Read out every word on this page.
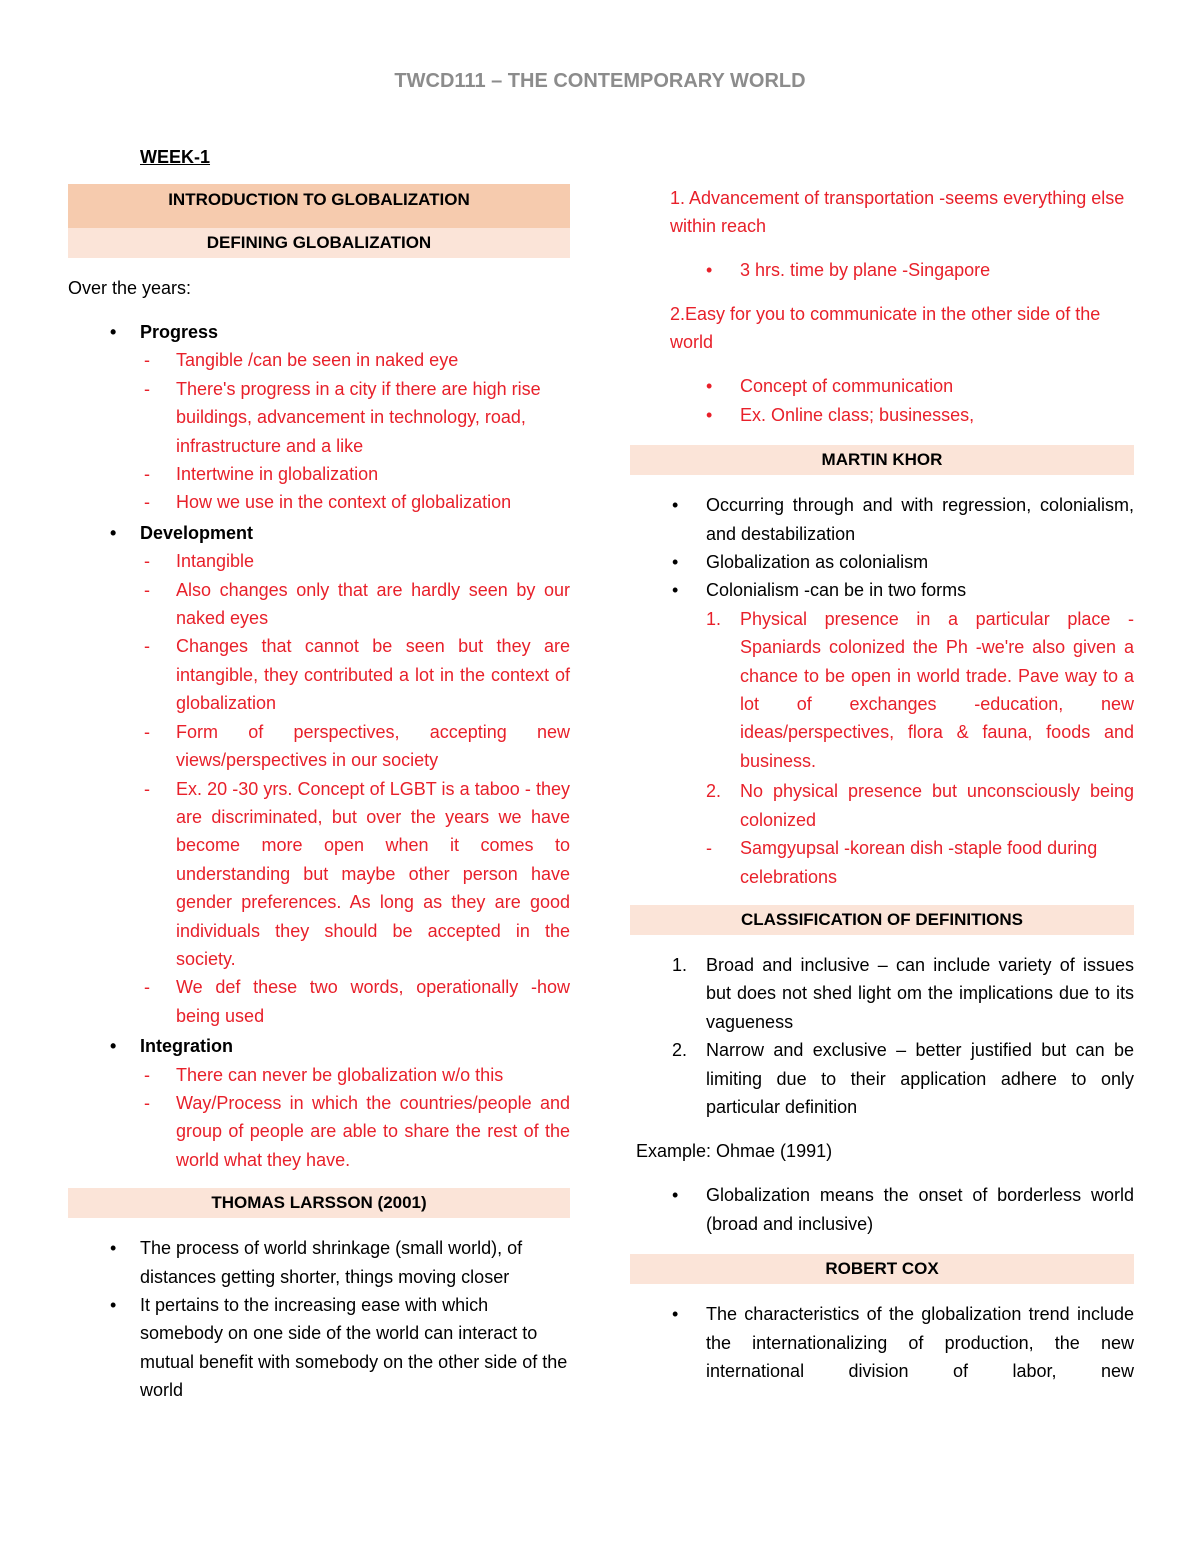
TWCD111 – THE CONTEMPORARY WORLD
WEEK-1
INTRODUCTION TO GLOBALIZATION
DEFINING GLOBALIZATION
Over the years:
• Progress
- Tangible /can be seen in naked eye
- There's progress in a city if there are high rise buildings, advancement in technology, road, infrastructure and a like
- Intertwine in globalization
- How we use in the context of globalization
• Development
- Intangible
- Also changes only that are hardly seen by our naked eyes
- Changes that cannot be seen but they are intangible, they contributed a lot in the context of globalization
- Form of perspectives, accepting new views/perspectives in our society
- Ex. 20 -30 yrs. Concept of LGBT is a taboo - they are discriminated, but over the years we have become more open when it comes to understanding but maybe other person have gender preferences. As long as they are good individuals they should be accepted in the society.
- We def these two words, operationally -how being used
• Integration
- There can never be globalization w/o this
- Way/Process in which the countries/people and group of people are able to share the rest of the world what they have.
THOMAS LARSSON (2001)
• The process of world shrinkage (small world), of distances getting shorter, things moving closer
• It pertains to the increasing ease with which somebody on one side of the world can interact to mutual benefit with somebody on the other side of the world
1. Advancement of transportation -seems everything else within reach
• 3 hrs. time by plane -Singapore
2.Easy for you to communicate in the other side of the world
• Concept of communication
• Ex. Online class; businesses,
MARTIN KHOR
• Occurring through and with regression, colonialism, and destabilization
• Globalization as colonialism
• Colonialism -can be in two forms
1. Physical presence in a particular place - Spaniards colonized the Ph -we're also given a chance to be open in world trade. Pave way to a lot of exchanges -education, new ideas/perspectives, flora & fauna, foods and business.
2. No physical presence but unconsciously being colonized
- Samgyupsal -korean dish -staple food during celebrations
CLASSIFICATION OF DEFINITIONS
1. Broad and inclusive – can include variety of issues but does not shed light om the implications due to its vagueness
2. Narrow and exclusive – better justified but can be limiting due to their application adhere to only particular definition
Example: Ohmae (1991)
• Globalization means the onset of borderless world (broad and inclusive)
ROBERT COX
• The characteristics of the globalization trend include the internationalizing of production, the new international division of labor, new
